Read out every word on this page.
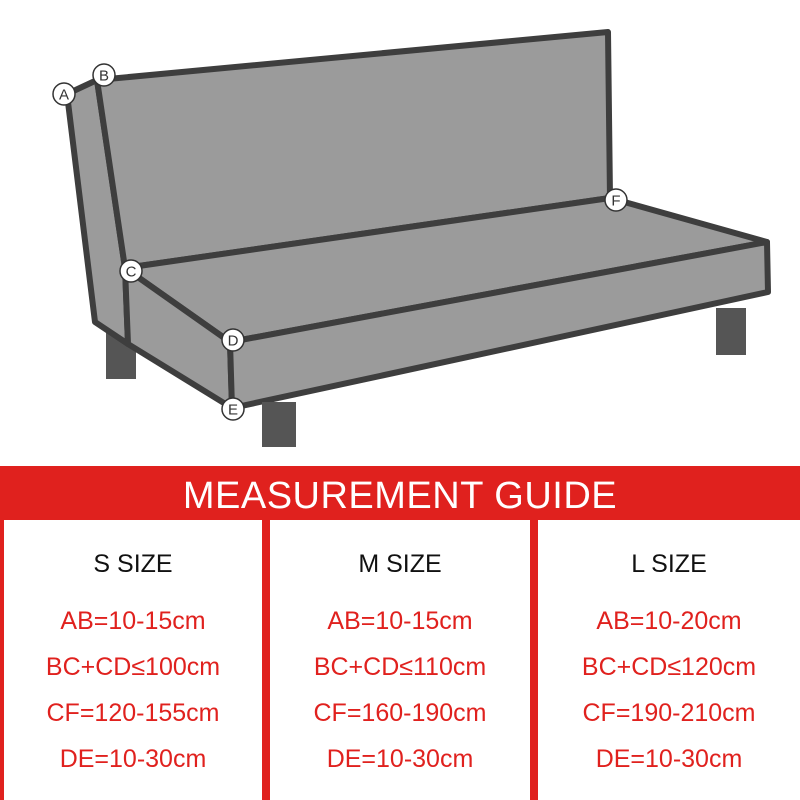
A
B
C
D
E
F
MEASUREMENT GUIDE
S SIZE
AB=10-15cm
BC+CD≤100cm
CF=120-155cm
DE=10-30cm
M SIZE
AB=10-15cm
BC+CD≤110cm
CF=160-190cm
DE=10-30cm
L SIZE
AB=10-20cm
BC+CD≤120cm
CF=190-210cm
DE=10-30cm
